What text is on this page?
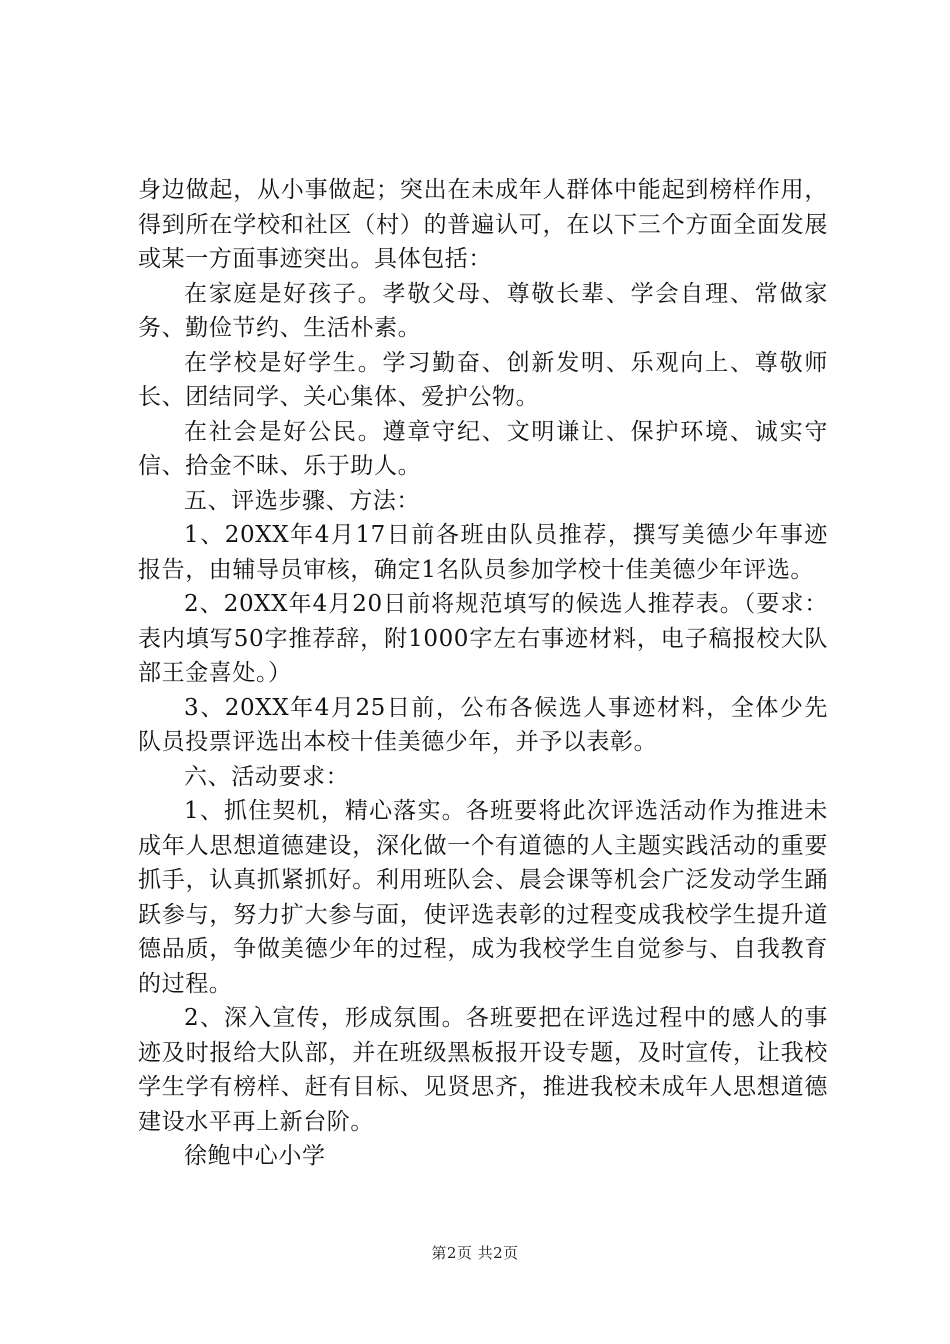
身边做起，从小事做起；突出在未成年人群体中能起到榜样作用，得到所在学校和社区（村）的普遍认可，在以下三个方面全面发展或某一方面事迹突出。具体包括：

在家庭是好孩子。孝敬父母、尊敬长辈、学会自理、常做家务、勤俭节约、生活朴素。

在学校是好学生。学习勤奋、创新发明、乐观向上、尊敬师长、团结同学、关心集体、爱护公物。

在社会是好公民。遵章守纪、文明谦让、保护环境、诚实守信、拾金不昧、乐于助人。

五、评选步骤、方法：

1、20XX年4月17日前各班由队员推荐，撰写美德少年事迹报告，由辅导员审核，确定1名队员参加学校十佳美德少年评选。

2、20XX年4月20日前将规范填写的候选人推荐表。（要求：表内填写50字推荐辞，附1000字左右事迹材料，电子稿报校大队部王金喜处。）

3、20XX年4月25日前，公布各候选人事迹材料，全体少先队员投票评选出本校十佳美德少年，并予以表彰。

六、活动要求：

1、抓住契机，精心落实。各班要将此次评选活动作为推进未成年人思想道德建设，深化做一个有道德的人主题实践活动的重要抓手，认真抓紧抓好。利用班队会、晨会课等机会广泛发动学生踊跃参与，努力扩大参与面，使评选表彰的过程变成我校学生提升道德品质，争做美德少年的过程，成为我校学生自觉参与、自我教育的过程。

2、深入宣传，形成氛围。各班要把在评选过程中的感人的事迹及时报给大队部，并在班级黑板报开设专题，及时宣传，让我校学生学有榜样、赶有目标、见贤思齐，推进我校未成年人思想道德建设水平再上新台阶。

徐鲍中心小学

第2页 共2页
